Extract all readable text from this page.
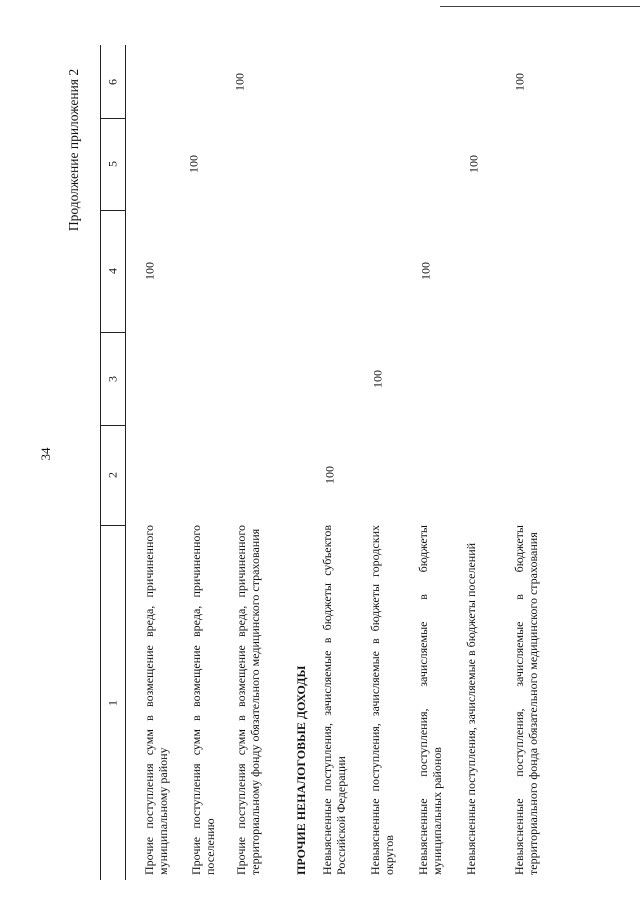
34
Продолжение приложения 2
1
2
3
4
5
6
Прочие поступления сумм в возмещение вреда, причиненного муниципальному району
100
Прочие поступления сумм в возмещение вреда, причиненного поселению
100
Прочие поступления сумм в возмещение вреда, причиненного территориальному фонду обязательного медицинского страхования
100
ПРОЧИЕ НЕНАЛОГОВЫЕ ДОХОДЫ Невыясненные поступления, зачисляемые в бюджеты субъектов Российской Федерации
100
Невыясненные поступления, зачисляемые в бюджеты городских округов
100
Невыясненные поступления, зачисляемые в бюджеты муниципальных районов
100
Невыясненные поступления, зачисляемые в бюджеты поселений
100
Невыясненные поступления, зачисляемые в бюджеты территориального фонда обязательного медицинского страхования
100
